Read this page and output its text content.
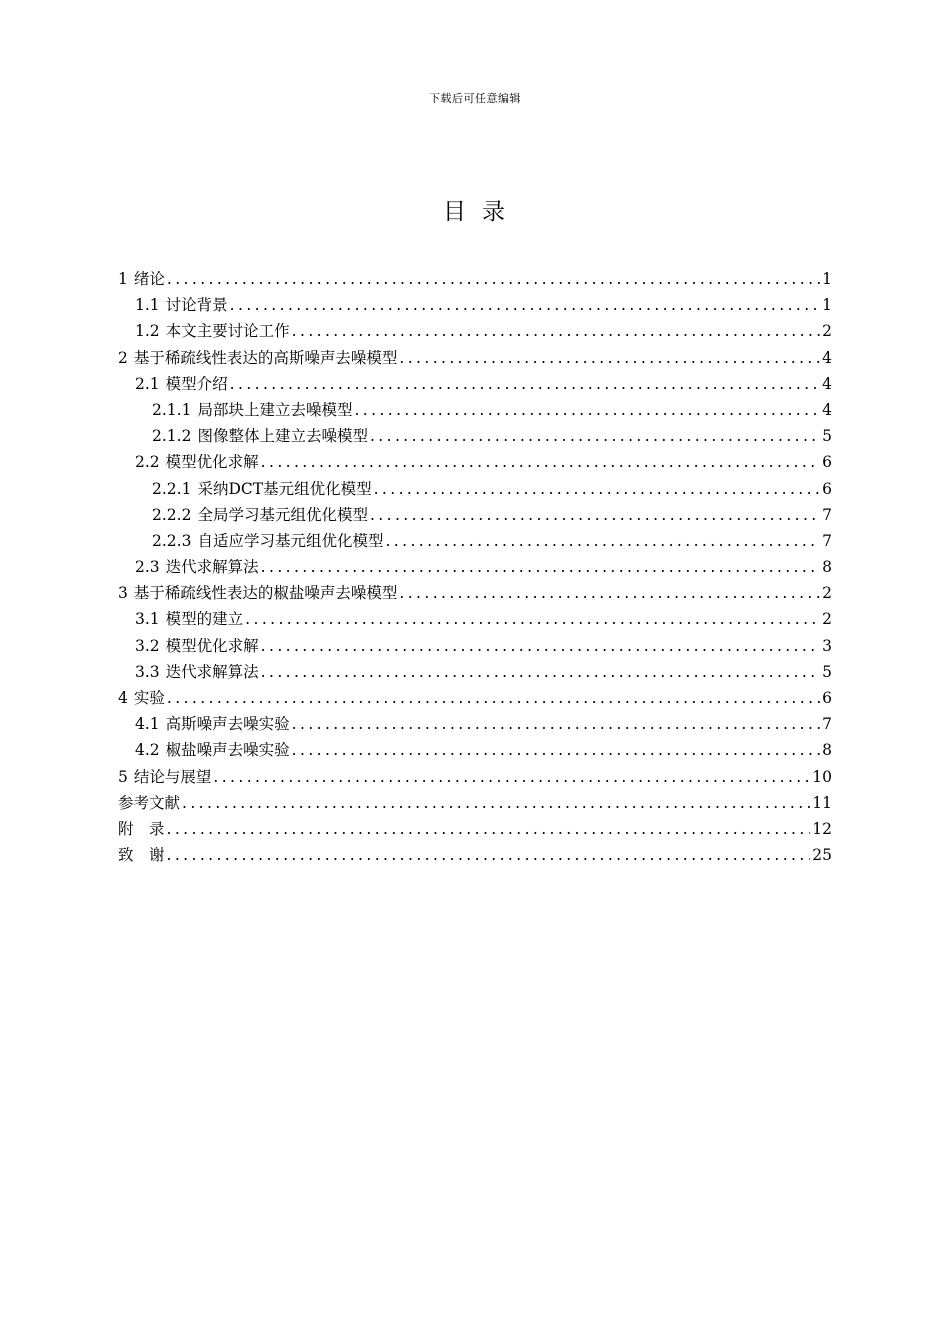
下载后可任意编辑
目 录
1 绪论 .....	1
1.1 讨论背景 .....	1
1.2 本文主要讨论工作 .....	2
2 基于稀疏线性表达的高斯噪声去噪模型 .....	4
2.1 模型介绍 .....	4
2.1.1 局部块上建立去噪模型 .....	4
2.1.2 图像整体上建立去噪模型 .....	5
2.2 模型优化求解 .....	6
2.2.1 采纳DCT基元组优化模型 .....	6
2.2.2 全局学习基元组优化模型 .....	7
2.2.3 自适应学习基元组优化模型 .....	7
2.3 迭代求解算法 .....	8
3 基于稀疏线性表达的椒盐噪声去噪模型 .....	2
3.1 模型的建立 .....	2
3.2 模型优化求解 .....	3
3.3 迭代求解算法 .....	5
4 实验 .....	6
4.1 高斯噪声去噪实验 .....	7
4.2 椒盐噪声去噪实验 .....	8
5 结论与展望 .....	10
参考文献 .....	11
附　录 .....	12
致　谢 .....	25
